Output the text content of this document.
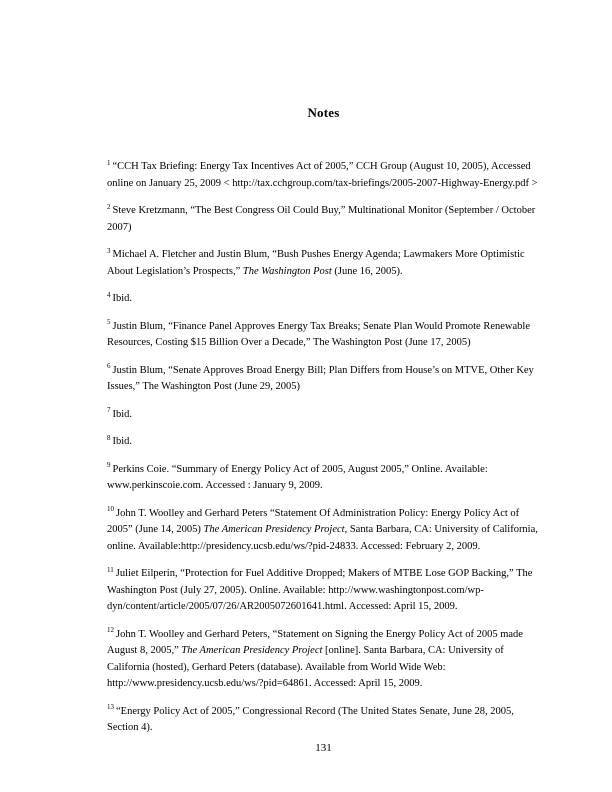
Notes

$^1$ “CCH Tax Briefing: Energy Tax Incentives Act of 2005,” CCH Group (August 10, 2005), Accessed online on January 25, 2009 < http://tax.cchgroup.com/tax-briefings/2005-2007-Highway-Energy.pdf >

$^2$ Steve Kretzmann, “The Best Congress Oil Could Buy,” Multinational Monitor (September / October 2007)

$^3$ Michael A. Fletcher and Justin Blum, “Bush Pushes Energy Agenda; Lawmakers More Optimistic About Legislation’s Prospects,” The Washington Post (June 16, 2005).

$^4$ Ibid.

$^5$ Justin Blum, “Finance Panel Approves Energy Tax Breaks; Senate Plan Would Promote Renewable Resources, Costing $15 Billion Over a Decade,” The Washington Post (June 17, 2005)

$^6$ Justin Blum, “Senate Approves Broad Energy Bill; Plan Differs from House’s on MTVE, Other Key Issues,” The Washington Post (June 29, 2005)

$^7$ Ibid.

$^8$ Ibid.

$^9$ Perkins Coie. “Summary of Energy Policy Act of 2005, August 2005,” Online. Available: www.perkinscoie.com. Accessed : January 9, 2009.

$^{10}$ John T. Woolley and Gerhard Peters “Statement Of Administration Policy: Energy Policy Act of 2005” (June 14, 2005) The American Presidency Project, Santa Barbara, CA: University of California, online. Available:http://presidency.ucsb.edu/ws/?pid-24833. Accessed: February 2, 2009.

$^{11}$ Juliet Eilperin, “Protection for Fuel Additive Dropped; Makers of MTBE Lose GOP Backing,” The Washington Post (July 27, 2005). Online. Available: http://www.washingtonpost.com/wp-dyn/content/article/2005/07/26/AR2005072601641.html. Accessed: April 15, 2009.

$^{12}$ John T. Woolley and Gerhard Peters, “Statement on Signing the Energy Policy Act of 2005 made August 8, 2005,” The American Presidency Project [online]. Santa Barbara, CA: University of California (hosted), Gerhard Peters (database). Available from World Wide Web: http://www.presidency.ucsb.edu/ws/?pid=64861. Accessed: April 15, 2009.

$^{13}$ “Energy Policy Act of 2005,” Congressional Record (The United States Senate, June 28, 2005, Section 4).

131
